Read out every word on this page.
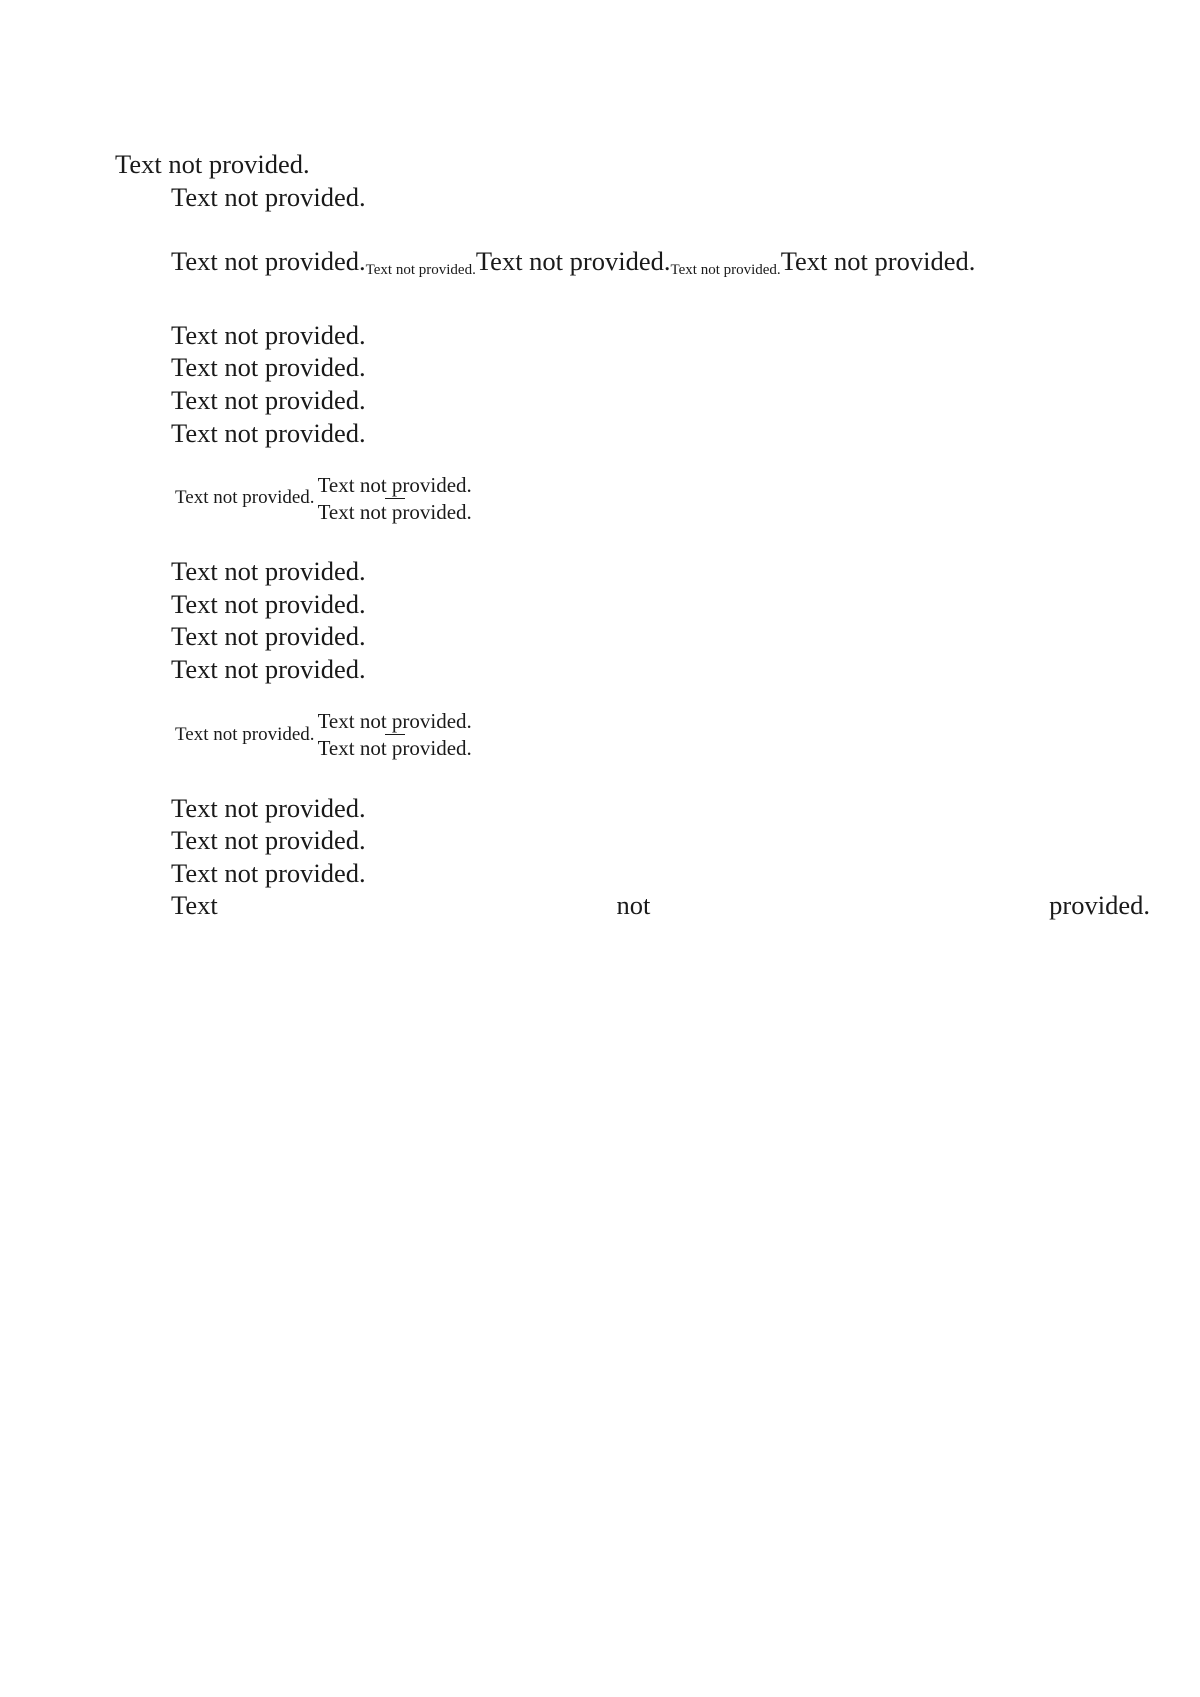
Text not provided.

Text not provided.

Text not $provided._{Text not provided.}Text$ not $provided._{Text not provided.}Text$ not provided.

Text not provided.

Text not provided.

Text not provided.

Text not provided.

Text not provided. $\frac{\text{Text not provided.}}{\text{Text not provided.}}$

Text not provided.

Text not provided.

Text not provided.

Text not provided.

Text not provided. $\frac{\text{Text not provided.}}{\text{Text not provided.}}$

Text not provided.

Text not provided.

Text not provided.

Text not provided.
